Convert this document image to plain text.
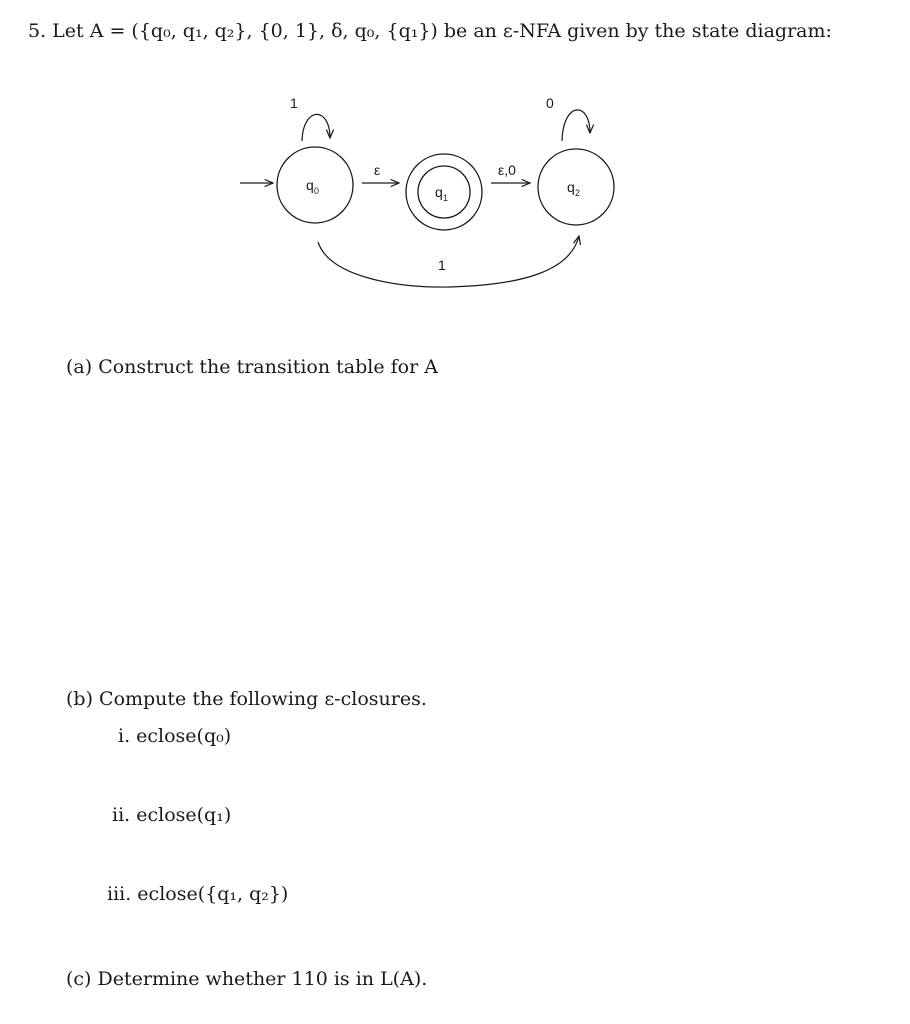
5. Let A = ({q₀, q₁, q₂}, {0, 1}, δ, q₀, {q₁}) be an ε-NFA given by the state diagram:
q 0	q 1
q 2
1
ε	ε,0
0
1
(a) Construct the transition table for A
(b) Compute the following ε-closures.
i. eclose(q₀)
ii. eclose(q₁)
iii. eclose({q₁, q₂})
(c) Determine whether 110 is in L(A).
